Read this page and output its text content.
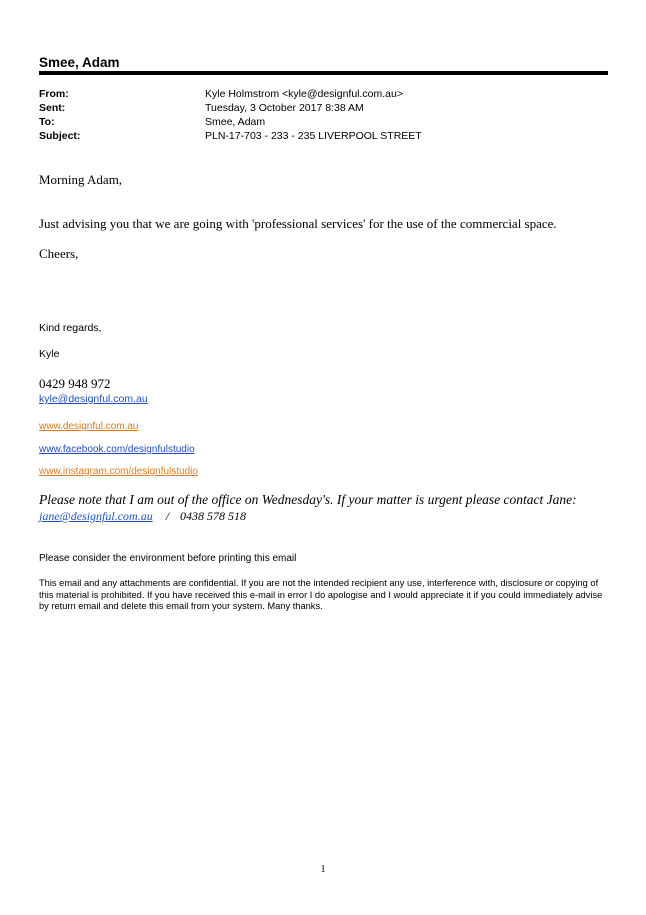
Smee, Adam
From:	Kyle Holmstrom <kyle@designful.com.au>
Sent:	Tuesday, 3 October 2017 8:38 AM
To:	Smee, Adam
Subject:	PLN-17-703 - 233 - 235 LIVERPOOL STREET
Morning Adam,
Just advising you that we are going with 'professional services' for the use of the commercial space.
Cheers,
Kind regards,
Kyle
0429 948 972
kyle@designful.com.au
www.designful.com.au
www.facebook.com/designfulstudio
www.instagram.com/designfulstudio
Please note that I am out of the office on Wednesday's. If your matter is urgent please contact Jane:
jane@designful.com.au / 0438 578 518
Please consider the environment before printing this email
This email and any attachments are confidential. If you are not the intended recipient any use, interference with, disclosure or copying of this material is prohibited. If you have received this e-mail in error I do apologise and I would appreciate it if you could immediately advise by return email and delete this email from your system. Many thanks.
1
